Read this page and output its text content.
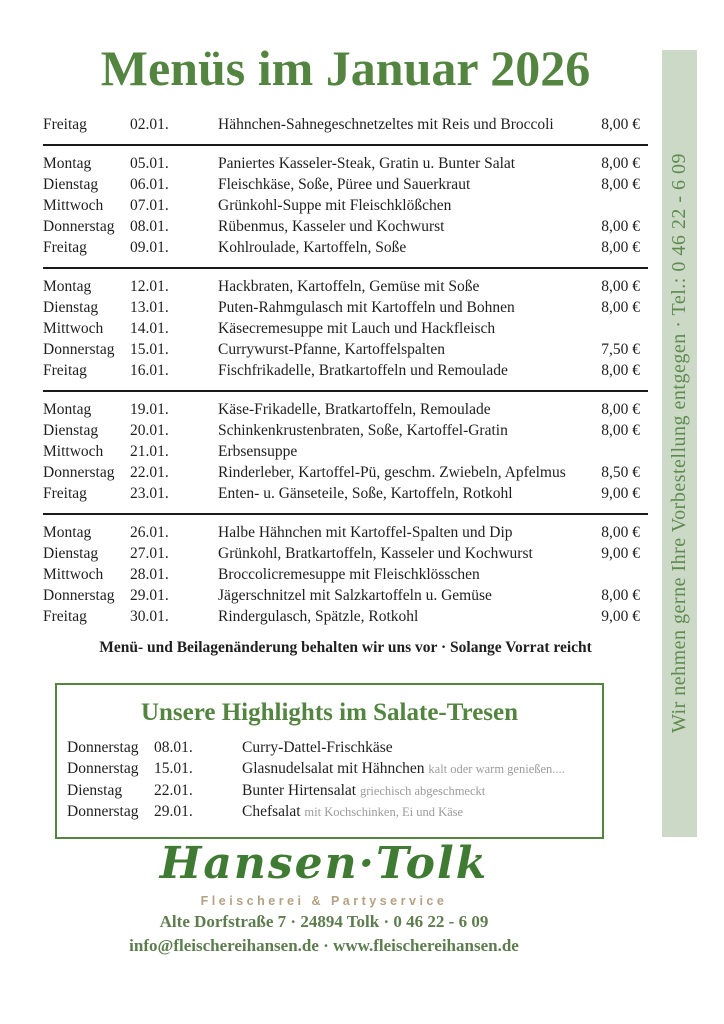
Wir nehmen gerne Ihre Vorbestellung entgegen · Tel.: 0 46 22 - 6 09
Menüs im Januar 2026
Freitag	02.01.	Hähnchen-Sahnegeschnetzeltes mit Reis und Broccoli	8,00 €
Montag	05.01.	Paniertes Kasseler-Steak, Gratin u. Bunter Salat	8,00 €
Dienstag	06.01.	Fleischkäse, Soße, Püree und Sauerkraut	8,00 €
Mittwoch	07.01.	Grünkohl-Suppe mit Fleischklößchen
Donnerstag	08.01.	Rübenmus, Kasseler und Kochwurst	8,00 €
Freitag	09.01.	Kohlroulade, Kartoffeln, Soße	8,00 €
Montag	12.01.	Hackbraten, Kartoffeln, Gemüse mit Soße	8,00 €
Dienstag	13.01.	Puten-Rahmgulasch mit Kartoffeln und Bohnen	8,00 €
Mittwoch	14.01.	Käsecremesuppe mit Lauch und Hackfleisch
Donnerstag	15.01.	Currywurst-Pfanne, Kartoffelspalten	7,50 €
Freitag	16.01.	Fischfrikadelle, Bratkartoffeln und Remoulade	8,00 €
Montag	19.01.	Käse-Frikadelle, Bratkartoffeln, Remoulade	8,00 €
Dienstag	20.01.	Schinkenkrustenbraten, Soße, Kartoffel-Gratin	8,00 €
Mittwoch	21.01.	Erbsensuppe
Donnerstag	22.01.	Rinderleber, Kartoffel-Pü, geschm. Zwiebeln, Apfelmus	8,50 €
Freitag	23.01.	Enten- u. Gänseteile, Soße, Kartoffeln, Rotkohl	9,00 €
Montag	26.01.	Halbe Hähnchen mit Kartoffel-Spalten und Dip	8,00 €
Dienstag	27.01.	Grünkohl, Bratkartoffeln, Kasseler und Kochwurst	9,00 €
Mittwoch	28.01.	Broccolicremesuppe mit Fleischklösschen
Donnerstag	29.01.	Jägerschnitzel mit Salzkartoffeln u. Gemüse	8,00 €
Freitag	30.01.	Rindergulasch, Spätzle, Rotkohl	9,00 €
Menü- und Beilagenänderung behalten wir uns vor · Solange Vorrat reicht
Unsere Highlights im Salate-Tresen
Donnerstag	08.01.	Curry-Dattel-Frischkäse
Donnerstag	15.01.	Glasnudelsalat mit Hähnchen kalt oder warm genießen....
Dienstag	22.01.	Bunter Hirtensalat griechisch abgeschmeckt
Donnerstag	29.01.	Chefsalat mit Kochschinken, Ei und Käse
Hansen·Tolk
Fleischerei & Partyservice
Alte Dorfstraße 7 · 24894 Tolk · 0 46 22 - 6 09
info@fleischereihansen.de · www.fleischereihansen.de
